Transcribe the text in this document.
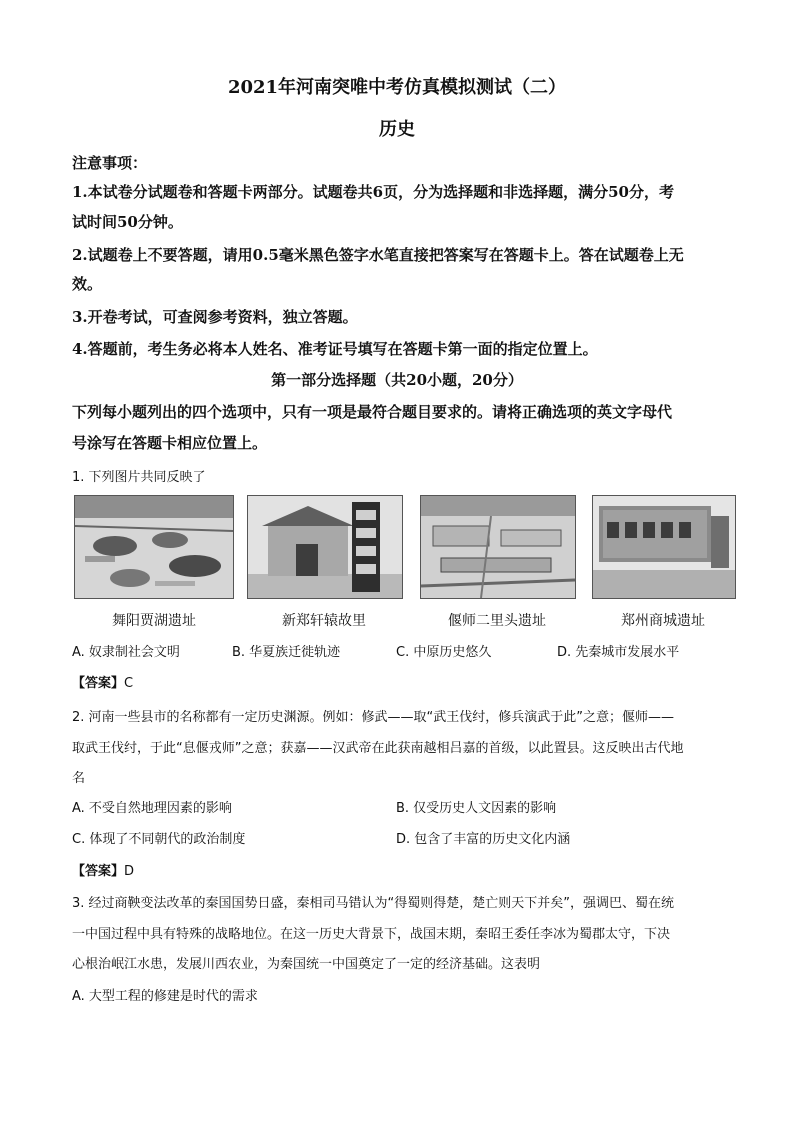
2021年河南突唯中考仿真模拟测试（二）
历史
注意事项：
1.本试卷分试题卷和答题卡两部分。试题卷共6页，分为选择题和非选择题，满分50分，考
试时间50分钟。
2.试题卷上不要答题，请用0.5毫米黑色签字水笔直接把答案写在答题卡上。答在试题卷上无
效。
3.开卷考试，可查阅参考资料，独立答题。
4.答题前，考生务必将本人姓名、准考证号填写在答题卡第一面的指定位置上。
第一部分选择题（共20小题，20分）
下列每小题列出的四个选项中，只有一项是最符合题目要求的。请将正确选项的英文字母代
号涂写在答题卡相应位置上。
1. 下列图片共同反映了
舞阳贾湖遗址	新郑轩辕故里	偃师二里头遗址	郑州商城遗址
A. 奴隶制社会文明	B. 华夏族迁徙轨迹	C. 中原历史悠久	D. 先秦城市发展水平
【答案】C
2. 河南一些县市的名称都有一定历史渊源。例如：修武——取“武王伐纣，修兵演武于此”之意；偃师——
取武王伐纣，于此“息偃戎师”之意；获嘉——汉武帝在此获南越相吕嘉的首级，以此置县。这反映出古代地
名
A. 不受自然地理因素的影响	B. 仅受历史人文因素的影响
C. 体现了不同朝代的政治制度	D. 包含了丰富的历史文化内涵
【答案】D
3. 经过商鞅变法改革的秦国国势日盛，秦相司马错认为“得蜀则得楚，楚亡则天下并矣”，强调巴、蜀在统
一中国过程中具有特殊的战略地位。在这一历史大背景下，战国末期，秦昭王委任李冰为蜀郡太守，下决
心根治岷江水患，发展川西农业，为秦国统一中国奠定了一定的经济基础。这表明
A. 大型工程的修建是时代的需求
